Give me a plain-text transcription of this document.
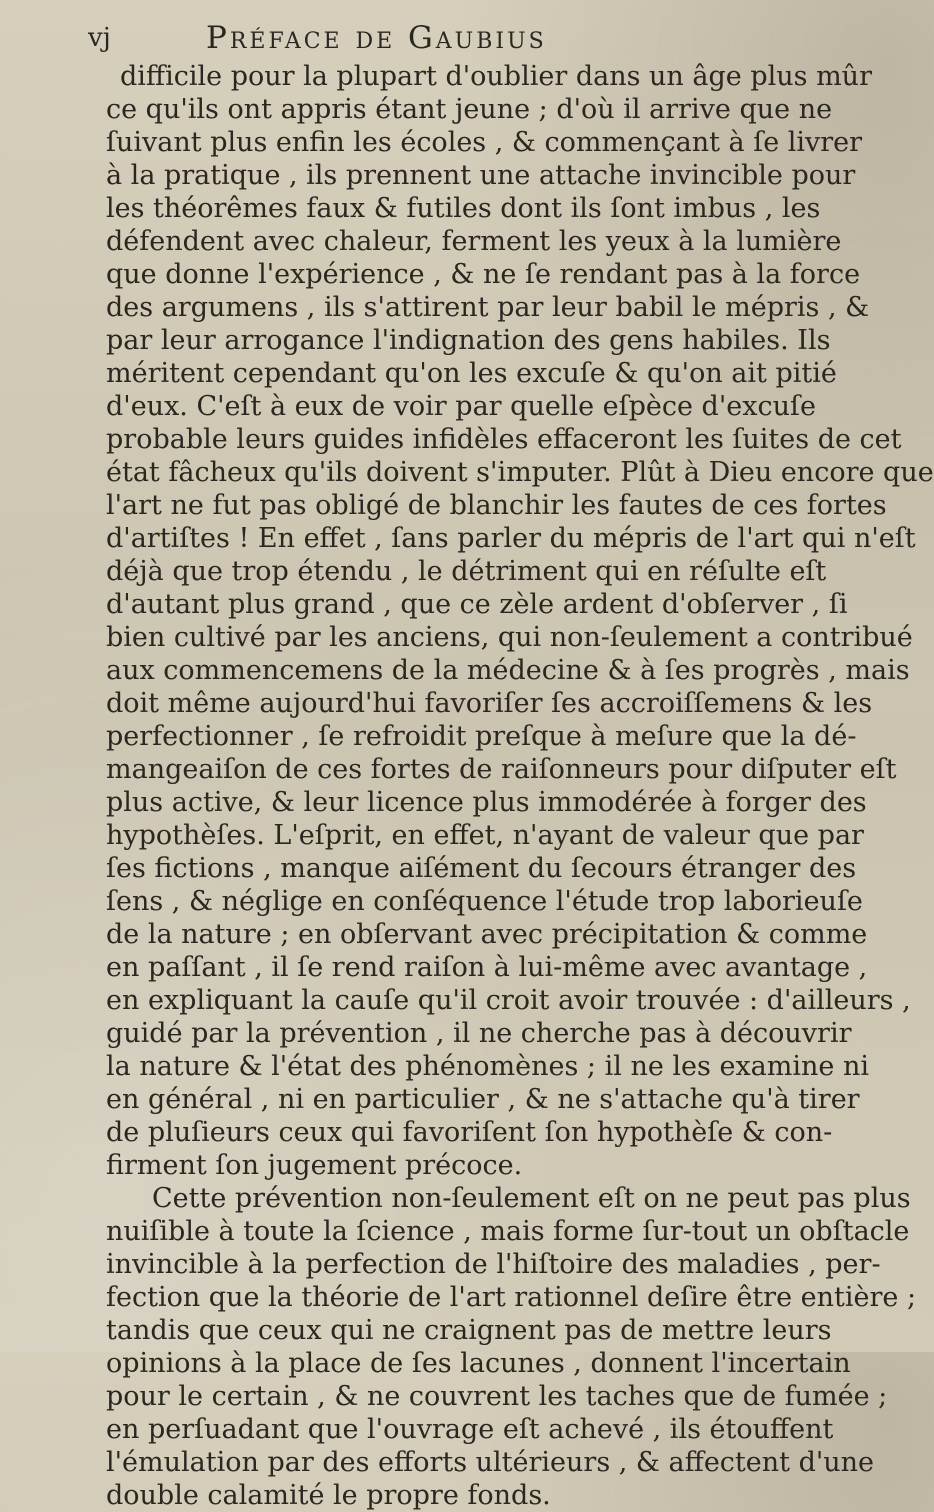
vj	Préface de Gaubius
difficile pour la plupart d'oublier dans un âge plus mûr
ce qu'ils ont appris étant jeune ; d'où il arrive que ne
ſuivant plus enfin les écoles , & commençant à ſe livrer
à la pratique , ils prennent une attache invincible pour
les théorêmes faux & futiles dont ils ſont imbus , les
défendent avec chaleur, ferment les yeux à la lumière
que donne l'expérience , & ne ſe rendant pas à la force
des argumens , ils s'attirent par leur babil le mépris , &
par leur arrogance l'indignation des gens habiles. Ils
méritent cependant qu'on les excuſe & qu'on ait pitié
d'eux. C'eſt à eux de voir par quelle eſpèce d'excuſe
probable leurs guides infidèles effaceront les ſuites de cet
état fâcheux qu'ils doivent s'imputer. Plût à Dieu encore que
l'art ne fut pas obligé de blanchir les fautes de ces fortes
d'artiſtes ! En effet , ſans parler du mépris de l'art qui n'eſt
déjà que trop étendu , le détriment qui en réſulte eſt
d'autant plus grand , que ce zèle ardent d'obſerver , ſi
bien cultivé par les anciens, qui non-ſeulement a contribué
aux commencemens de la médecine & à ſes progrès , mais
doit même aujourd'hui favoriſer ſes accroiſſemens & les
perfectionner , ſe refroidit preſque à meſure que la dé-
mangeaiſon de ces fortes de raiſonneurs pour diſputer eſt
plus active, & leur licence plus immodérée à forger des
hypothèſes. L'eſprit, en effet, n'ayant de valeur que par
ſes fictions , manque aiſément du ſecours étranger des
ſens , & néglige en conſéquence l'étude trop laborieuſe
de la nature ; en obſervant avec précipitation & comme
en paſſant , il ſe rend raiſon à lui-même avec avantage ,
en expliquant la cauſe qu'il croit avoir trouvée : d'ailleurs ,
guidé par la prévention , il ne cherche pas à découvrir
la nature & l'état des phénomènes ; il ne les examine ni
en général , ni en particulier , & ne s'attache qu'à tirer
de pluſieurs ceux qui favoriſent ſon hypothèſe & con-
firment ſon jugement précoce.
Cette prévention non-ſeulement eſt on ne peut pas plus
nuiſible à toute la ſcience , mais forme ſur-tout un obſtacle
invincible à la perfection de l'hiſtoire des maladies , per-
fection que la théorie de l'art rationnel deſire être entière ;
tandis que ceux qui ne craignent pas de mettre leurs
opinions à la place de ſes lacunes , donnent l'incertain
pour le certain , & ne couvrent les taches que de fumée ;
en perſuadant que l'ouvrage eſt achevé , ils étouffent
l'émulation par des efforts ultérieurs , & affectent d'une
double calamité le propre fonds.
